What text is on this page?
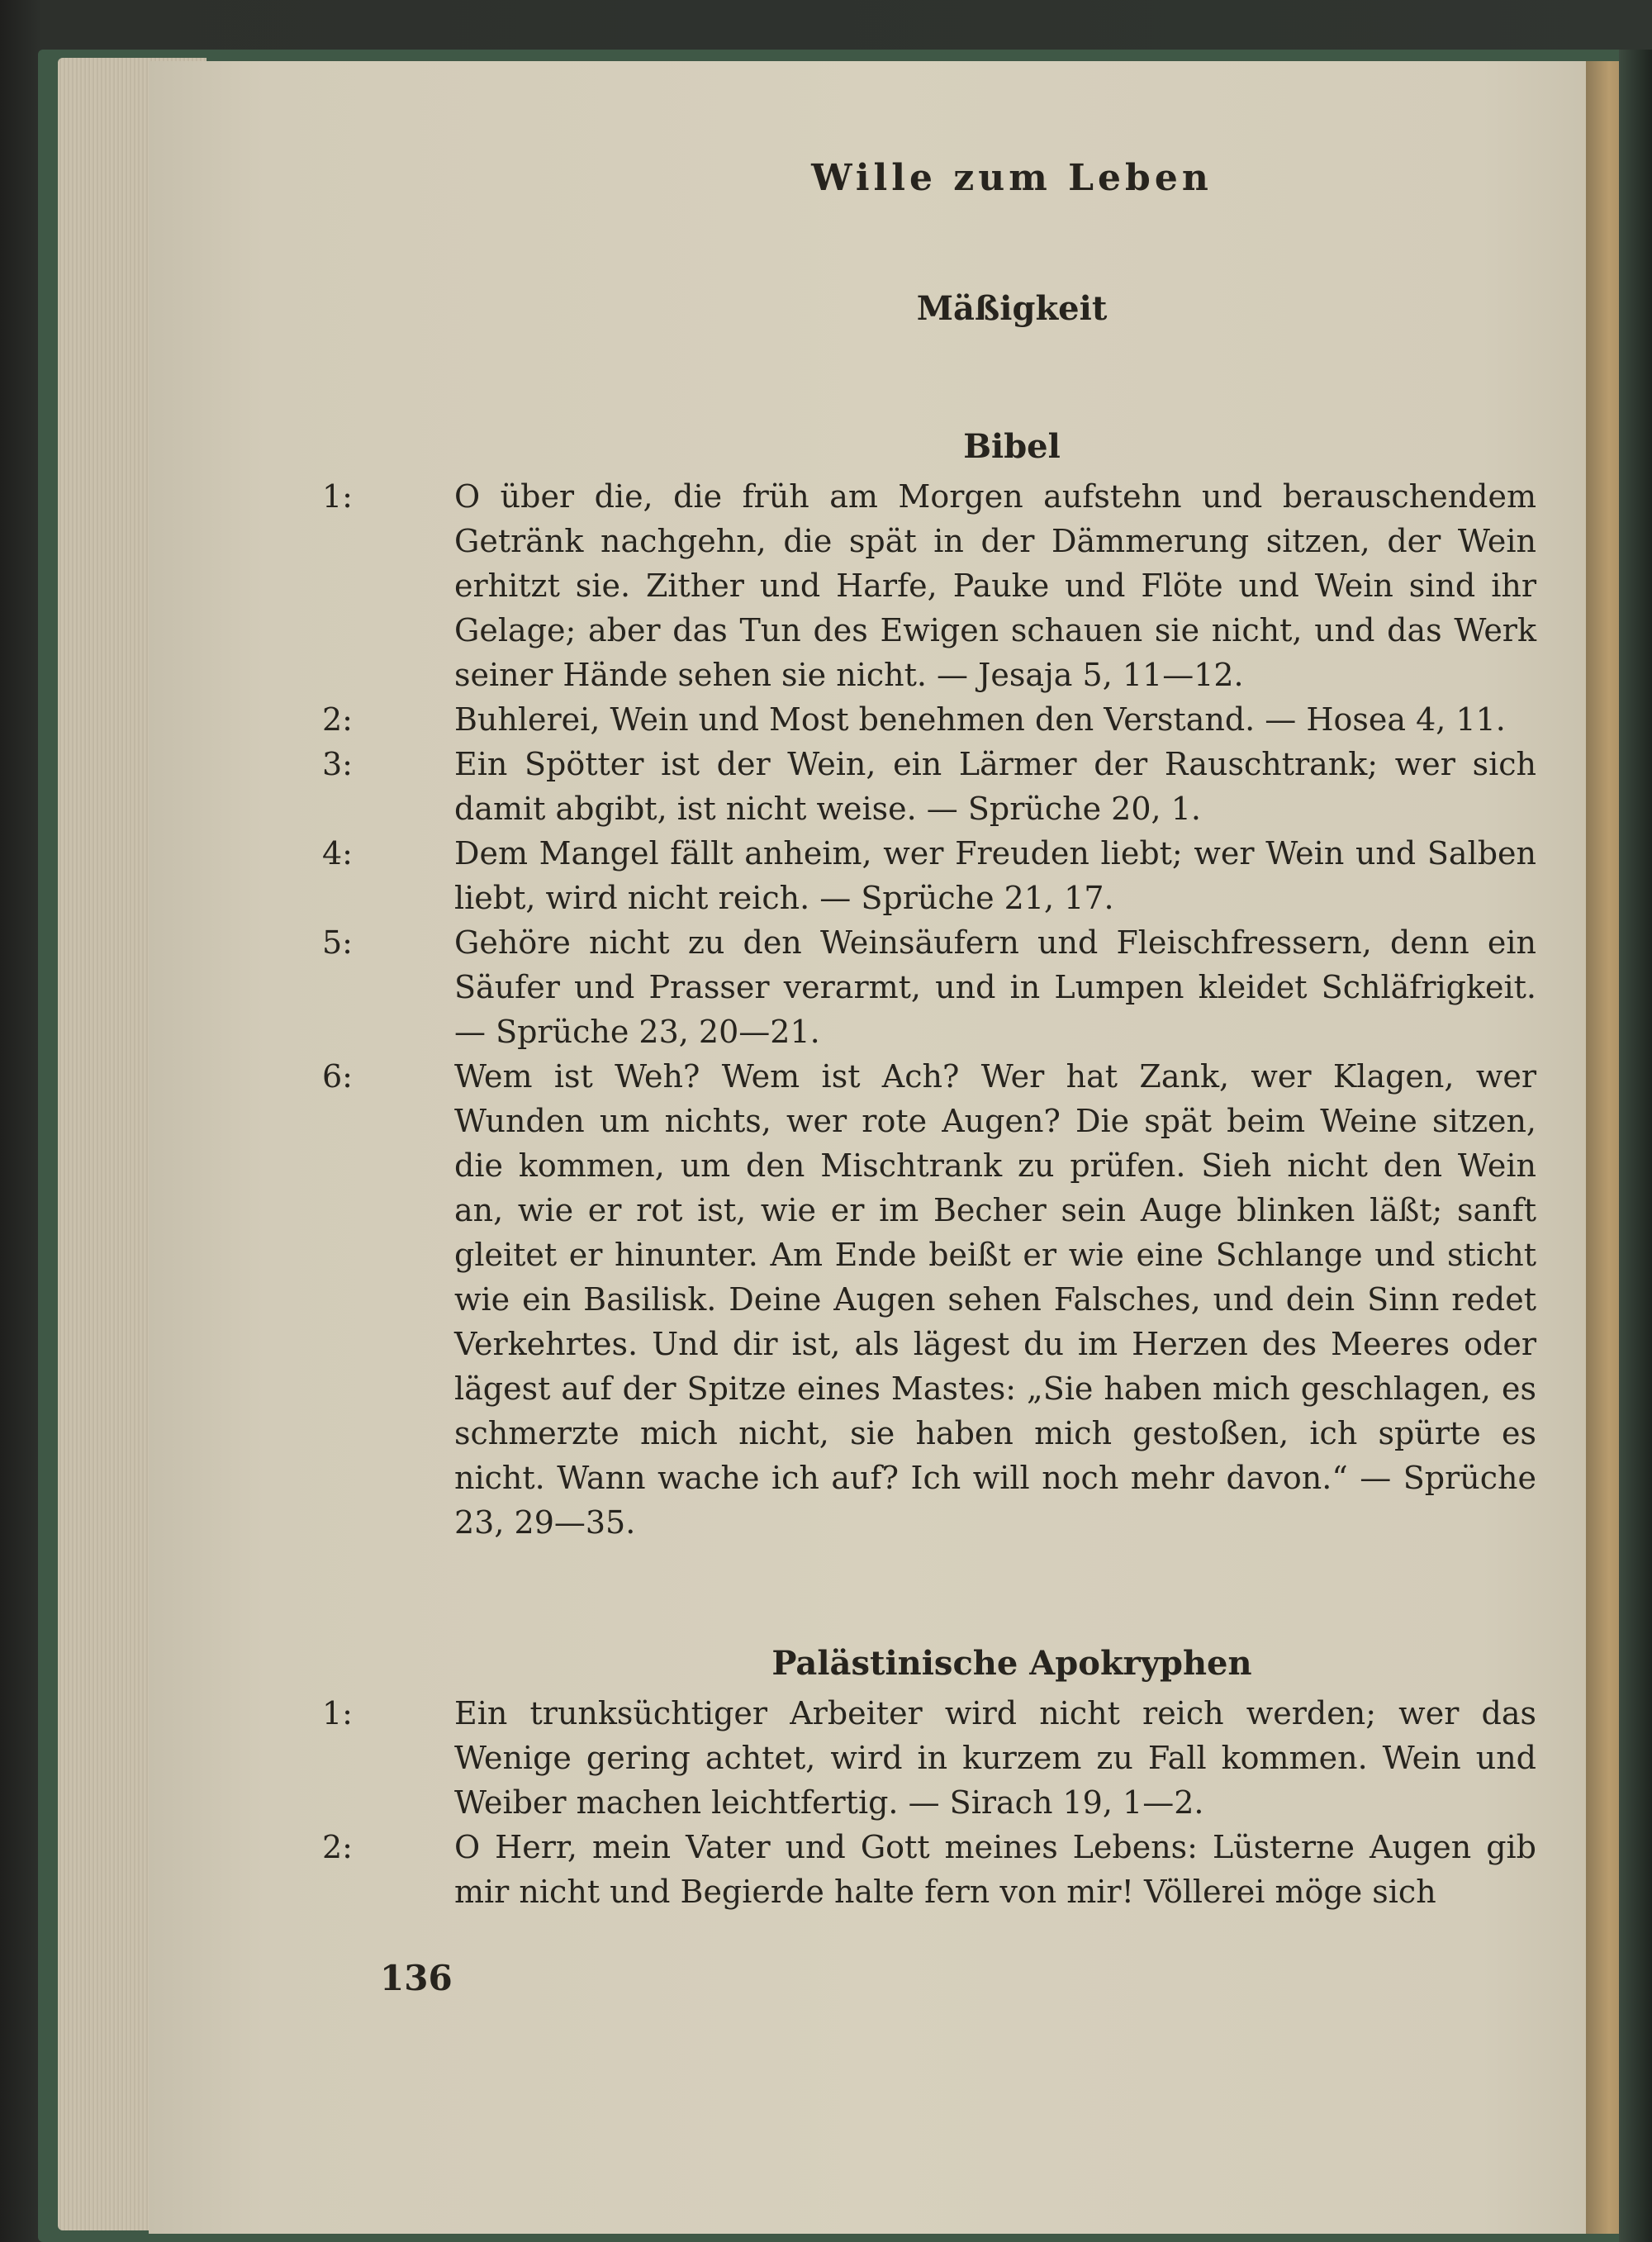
Wille zum Leben
Mäßigkeit
Bibel
1:	O über die, die früh am Morgen aufstehn und berauschendem Getränk nachgehn, die spät in der Dämmerung sitzen, der Wein erhitzt sie. Zither und Harfe, Pauke und Flöte und Wein sind ihr Gelage; aber das Tun des Ewigen schauen sie nicht, und das Werk seiner Hände sehen sie nicht. — Jesaja 5, 11—12.

2:	Buhlerei, Wein und Most benehmen den Verstand. — Hosea 4, 11.

3:	Ein Spötter ist der Wein, ein Lärmer der Rauschtrank; wer sich damit abgibt, ist nicht weise. — Sprüche 20, 1.

4:	Dem Mangel fällt anheim, wer Freuden liebt; wer Wein und Salben liebt, wird nicht reich. — Sprüche 21, 17.

5:	Gehöre nicht zu den Weinsäufern und Fleischfressern, denn ein Säufer und Prasser verarmt, und in Lumpen kleidet Schläfrigkeit. — Sprüche 23, 20—21.

6:	Wem ist Weh? Wem ist Ach? Wer hat Zank, wer Klagen, wer Wunden um nichts, wer rote Augen? Die spät beim Weine sitzen, die kommen, um den Mischtrank zu prüfen. Sieh nicht den Wein an, wie er rot ist, wie er im Becher sein Auge blinken läßt; sanft gleitet er hinunter. Am Ende beißt er wie eine Schlange und sticht wie ein Basilisk. Deine Augen sehen Falsches, und dein Sinn redet Verkehrtes. Und dir ist, als lägest du im Herzen des Meeres oder lägest auf der Spitze eines Mastes: „Sie haben mich geschlagen, es schmerzte mich nicht, sie haben mich gestoßen, ich spürte es nicht. Wann wache ich auf? Ich will noch mehr davon.“ — Sprüche 23, 29—35.

Palästinische Apokryphen
1:	Ein trunksüchtiger Arbeiter wird nicht reich werden; wer das Wenige gering achtet, wird in kurzem zu Fall kommen. Wein und Weiber machen leichtfertig. — Sirach 19, 1—2.

2:	O Herr, mein Vater und Gott meines Lebens: Lüsterne Augen gib mir nicht und Begierde halte fern von mir! Völlerei möge sich

136
